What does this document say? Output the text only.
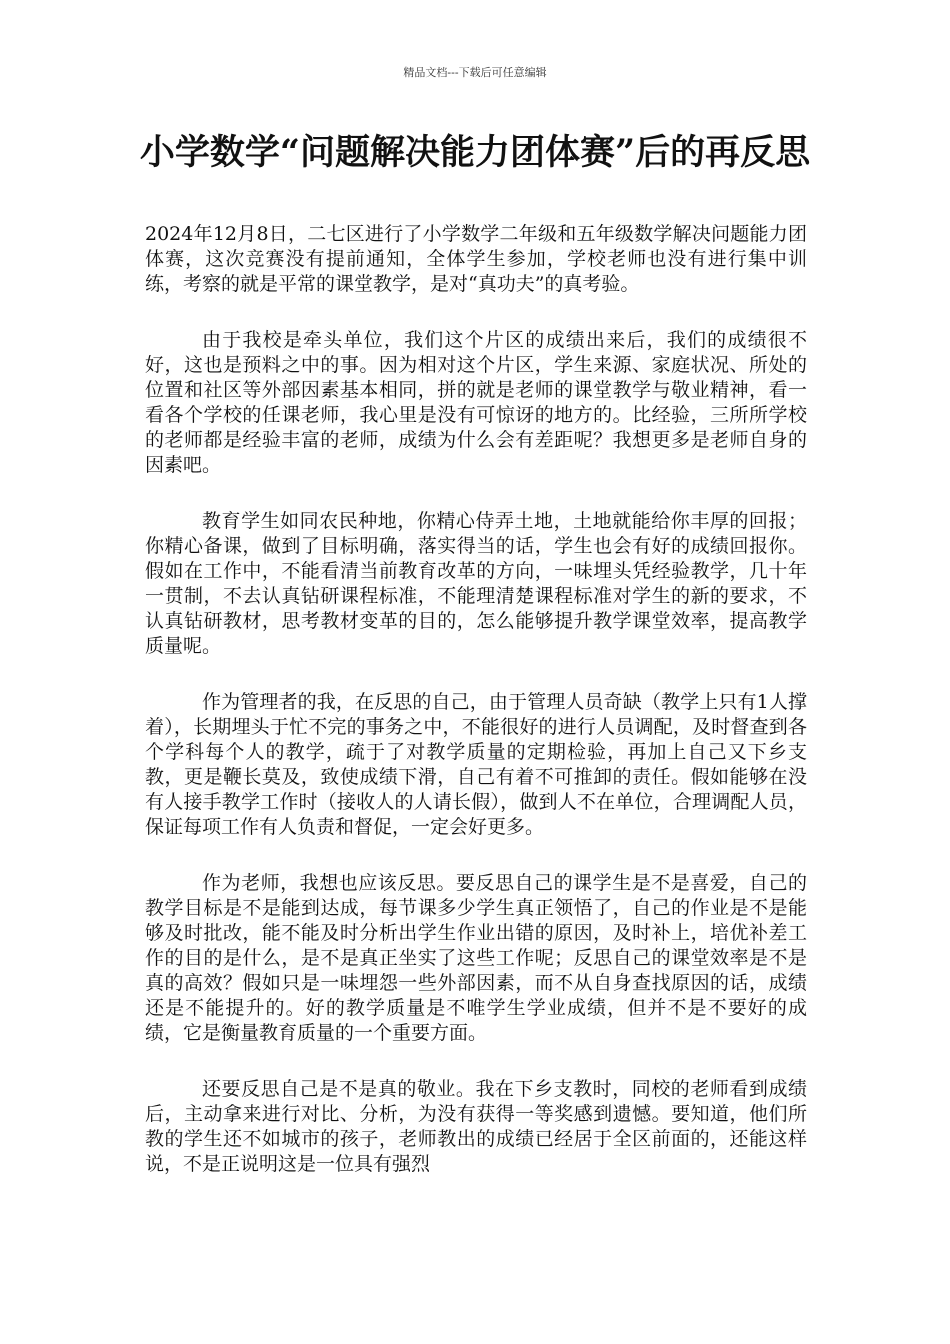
精品文档---下载后可任意编辑
小学数学“问题解决能力团体赛”后的再反思

2024年12月8日，二七区进行了小学数学二年级和五年级数学解决问题能力团体赛，这次竞赛没有提前通知，全体学生参加，学校老师也没有进行集中训练，考察的就是平常的课堂教学，是对“真功夫”的真考验。

由于我校是牵头单位，我们这个片区的成绩出来后，我们的成绩很不好，这也是预料之中的事。因为相对这个片区，学生来源、家庭状况、所处的位置和社区等外部因素基本相同，拼的就是老师的课堂教学与敬业精神，看一看各个学校的任课老师，我心里是没有可惊讶的地方的。比经验，三所所学校的老师都是经验丰富的老师，成绩为什么会有差距呢？我想更多是老师自身的因素吧。

教育学生如同农民种地，你精心侍弄土地，土地就能给你丰厚的回报；你精心备课，做到了目标明确，落实得当的话，学生也会有好的成绩回报你。假如在工作中，不能看清当前教育改革的方向，一味埋头凭经验教学，几十年一贯制，不去认真钻研课程标准，不能理清楚课程标准对学生的新的要求，不认真钻研教材，思考教材变革的目的，怎么能够提升教学课堂效率，提高教学质量呢。

作为管理者的我，在反思的自己，由于管理人员奇缺（教学上只有1人撑着），长期埋头于忙不完的事务之中，不能很好的进行人员调配，及时督查到各个学科每个人的教学，疏于了对教学质量的定期检验，再加上自己又下乡支教，更是鞭长莫及，致使成绩下滑，自己有着不可推卸的责任。假如能够在没有人接手教学工作时（接收人的人请长假），做到人不在单位，合理调配人员，保证每项工作有人负责和督促，一定会好更多。

作为老师，我想也应该反思。要反思自己的课学生是不是喜爱，自己的教学目标是不是能到达成，每节课多少学生真正领悟了，自己的作业是不是能够及时批改，能不能及时分析出学生作业出错的原因，及时补上，培优补差工作的目的是什么，是不是真正坐实了这些工作呢；反思自己的课堂效率是不是真的高效？假如只是一味埋怨一些外部因素，而不从自身查找原因的话，成绩还是不能提升的。好的教学质量是不唯学生学业成绩，但并不是不要好的成绩，它是衡量教育质量的一个重要方面。

还要反思自己是不是真的敬业。我在下乡支教时，同校的老师看到成绩后，主动拿来进行对比、分析，为没有获得一等奖感到遗憾。要知道，他们所教的学生还不如城市的孩子，老师教出的成绩已经居于全区前面的，还能这样说，不是正说明这是一位具有强烈
